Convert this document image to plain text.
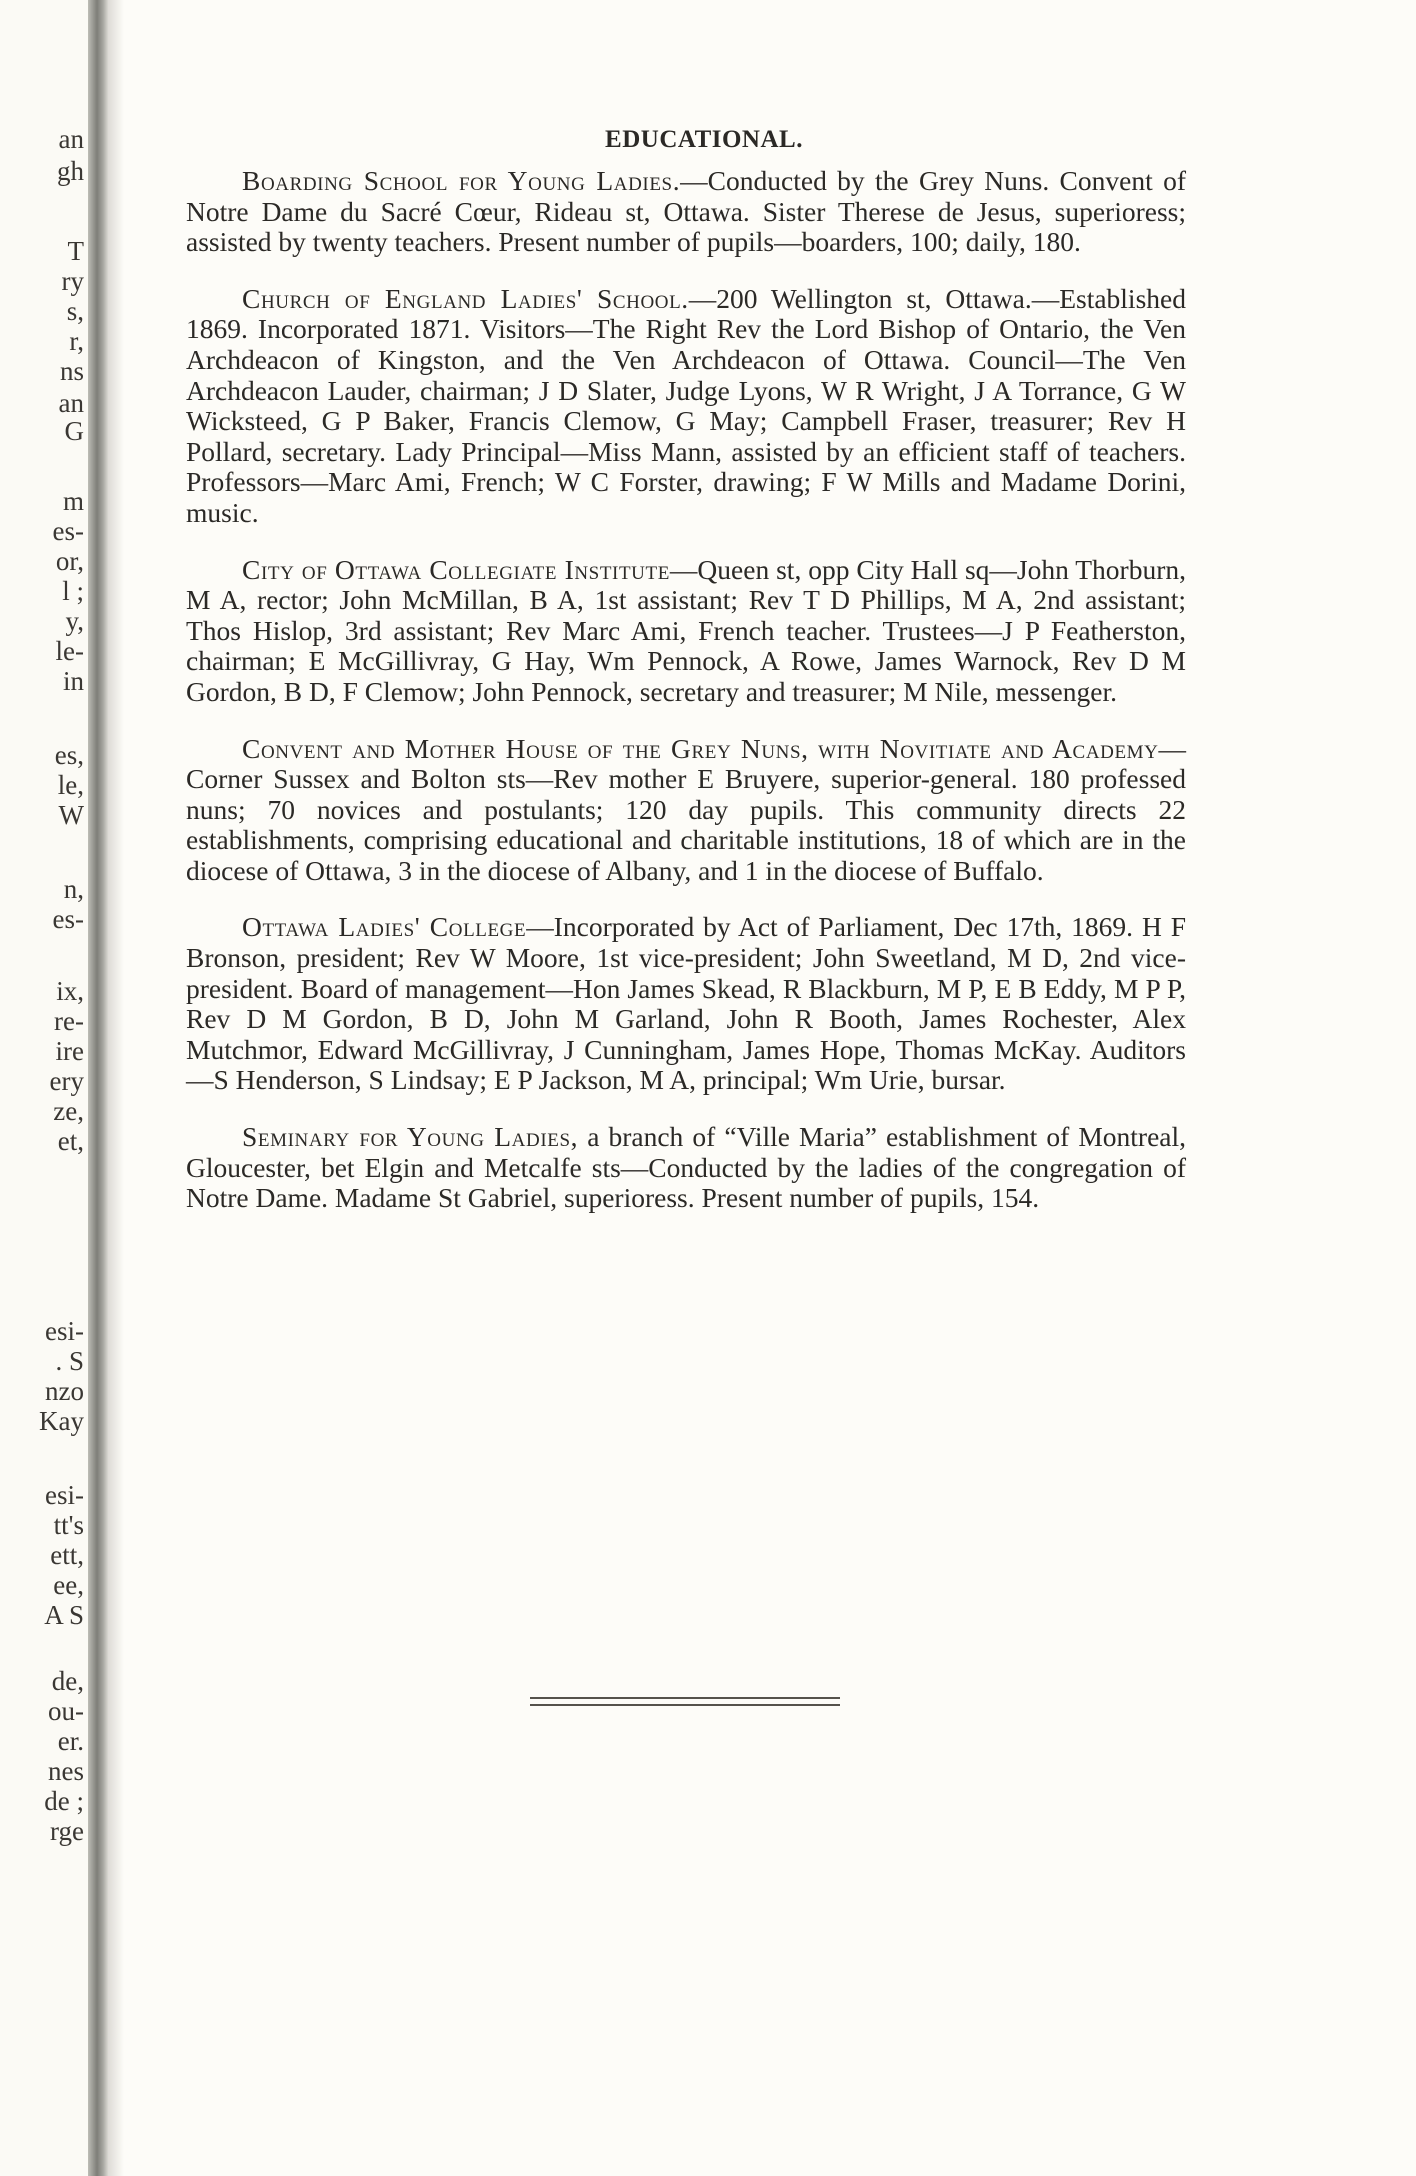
an
gh
T
ry
s,
r,
ns
an
G
m
es-
or,
l ;
y,
le-
in
es,
le,
W
n,
es-
ix,
re-
ire
ery
ze,
et,
esi-
. S
nzo
Kay
esi-
tt's
ett,
ee,
A S
de,
ou-
er.
nes
de ;
rge
EDUCATIONAL.

Boarding School for Young Ladies.—Conducted by the Grey Nuns. Convent of Notre Dame du Sacré Cœur, Rideau st, Ottawa. Sister Therese de Jesus, superioress; assisted by twenty teachers. Present number of pupils—boarders, 100; daily, 180.

Church of England Ladies' School.—200 Wellington st, Ottawa.—Established 1869. Incorporated 1871. Visitors—The Right Rev the Lord Bishop of Ontario, the Ven Archdeacon of Kingston, and the Ven Archdeacon of Ottawa. Council—The Ven Archdeacon Lauder, chairman; J D Slater, Judge Lyons, W R Wright, J A Torrance, G W Wicksteed, G P Baker, Francis Clemow, G May; Campbell Fraser, treasurer; Rev H Pollard, secretary. Lady Principal—Miss Mann, assisted by an efficient staff of teachers. Professors—Marc Ami, French; W C Forster, drawing; F W Mills and Madame Dorini, music.

City of Ottawa Collegiate Institute—Queen st, opp City Hall sq—John Thorburn, M A, rector; John McMillan, B A, 1st assistant; Rev T D Phillips, M A, 2nd assistant; Thos Hislop, 3rd assistant; Rev Marc Ami, French teacher. Trustees—J P Featherston, chairman; E McGillivray, G Hay, Wm Pennock, A Rowe, James Warnock, Rev D M Gordon, B D, F Clemow; John Pennock, secretary and treasurer; M Nile, messenger.

Convent and Mother House of the Grey Nuns, with Novitiate and Academy—Corner Sussex and Bolton sts—Rev mother E Bruyere, superior-general. 180 professed nuns; 70 novices and postulants; 120 day pupils. This community directs 22 establishments, comprising educational and charitable institutions, 18 of which are in the diocese of Ottawa, 3 in the diocese of Albany, and 1 in the diocese of Buffalo.

Ottawa Ladies' College—Incorporated by Act of Parliament, Dec 17th, 1869. H F Bronson, president; Rev W Moore, 1st vice-president; John Sweetland, M D, 2nd vice-president. Board of management—Hon James Skead, R Blackburn, M P, E B Eddy, M P P, Rev D M Gordon, B D, John M Garland, John R Booth, James Rochester, Alex Mutchmor, Edward McGillivray, J Cunningham, James Hope, Thomas McKay. Auditors—S Henderson, S Lindsay; E P Jackson, M A, principal; Wm Urie, bursar.

Seminary for Young Ladies, a branch of “Ville Maria” establishment of Montreal, Gloucester, bet Elgin and Metcalfe sts—Conducted by the ladies of the congregation of Notre Dame. Madame St Gabriel, superioress. Present number of pupils, 154.
